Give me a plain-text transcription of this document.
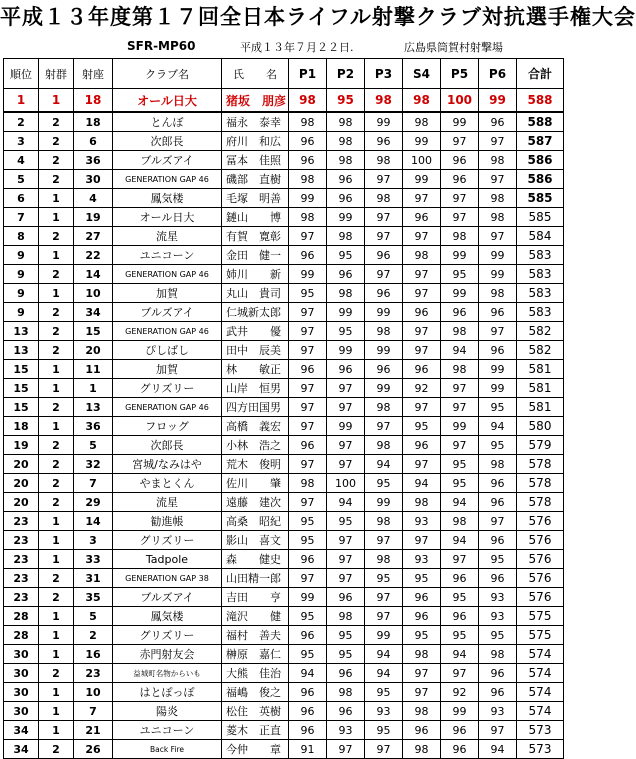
平成１３年度第１７回全日本ライフル射撃クラブ対抗選手権大会
SFR-MP60	平成１３年７月２２日.	広島県筒賀村射撃場
順位	射群	射座	クラブ名	氏　　名	P1	P2	P3	S4	P5	P6	合計
1	1	18	オール日大	猪坂　朋彦	98	95	98	98	100	99	588
2	2	18	とんぼ	福永　泰幸	98	98	99	98	99	96	588
3	2	6	次郎長	府川　和広	96	98	96	99	97	97	587
4	2	36	ブルズアイ	冨本　佳照	96	98	98	100	96	98	586
5	2	30	GENERATION GAP 46	磯部　直樹	98	96	97	99	96	97	586
6	1	4	鳳気楼	毛塚　明善	99	96	98	97	97	98	585
7	1	19	オール日大	鏈山　　博	98	99	97	96	97	98	585
8	2	27	流星	有賀　寛彰	97	98	97	97	98	97	584
9	1	22	ユニコーン	金田　健一	96	95	96	98	99	99	583
9	2	14	GENERATION GAP 46	姉川　　新	99	96	97	97	95	99	583
9	1	10	加賀	丸山　貴司	95	98	96	97	99	98	583
9	2	34	ブルズアイ	仁城新太郎	97	99	99	96	96	96	583
13	2	15	GENERATION GAP 46	武井　　優	97	95	98	97	98	97	582
13	2	20	ぴしばし	田中　辰美	97	99	99	97	94	96	582
15	1	11	加賀	林　　敏正	96	96	96	96	98	99	581
15	1	1	グリズリー	山岸　恒男	97	97	99	92	97	99	581
15	2	13	GENERATION GAP 46	四方田国男	97	97	98	97	97	95	581
18	1	36	フロッグ	高橋　義宏	97	99	97	95	99	94	580
19	2	5	次郎長	小林　浩之	96	97	98	96	97	95	579
20	2	32	宮城/なみはや	荒木　俊明	97	97	94	97	95	98	578
20	2	7	やまとくん	佐川　　肇	98	100	95	94	95	96	578
20	2	29	流星	遠藤　建次	97	94	99	98	94	96	578
23	1	14	勧進帳	高桑　昭紀	95	95	98	93	98	97	576
23	1	3	グリズリー	影山　喜文	95	97	97	97	94	96	576
23	1	33	Tadpole	森　　健史	96	97	98	93	97	95	576
23	2	31	GENERATION GAP 38	山田精一郎	97	97	95	95	96	96	576
23	2	35	ブルズアイ	吉田　　亨	99	96	97	96	95	93	576
28	1	5	鳳気楼	滝沢　　健	95	98	97	96	96	93	575
28	1	2	グリズリー	福村　善夫	96	95	99	95	95	95	575
30	1	16	赤門射友会	榊原　嘉仁	95	95	94	98	94	98	574
30	2	23	益城町名物からいも	大熊　佳治	94	96	94	97	97	96	574
30	1	10	はとぽっぽ	福嶋　俊之	96	98	95	97	92	96	574
30	1	7	陽炎	松住　英樹	96	96	93	98	99	93	574
34	1	21	ユニコーン	菱木　正直	96	93	95	96	96	97	573
34	2	26	Back Fire	今仲　　章	91	97	97	98	96	94	573
